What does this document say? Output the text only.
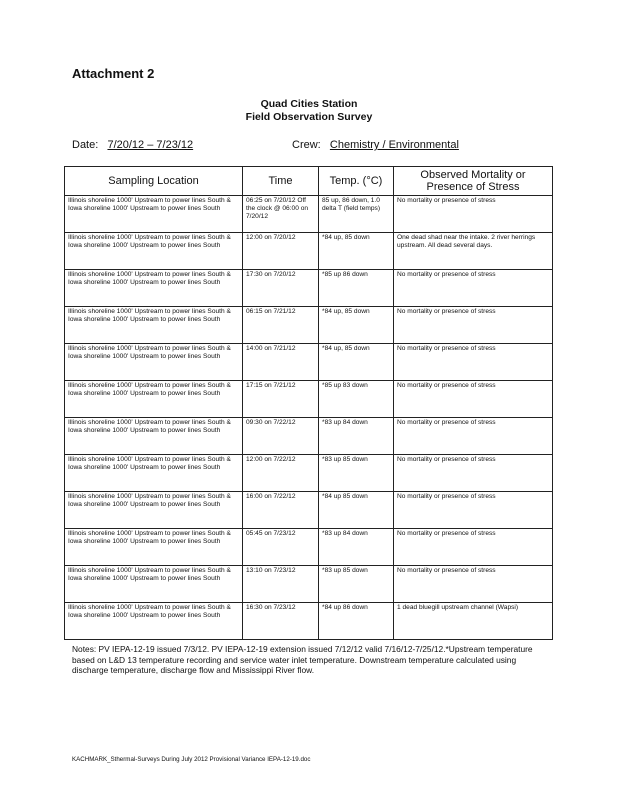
Attachment 2
Quad Cities Station
Field Observation Survey
Date: 7/20/12 – 7/23/12	Crew: Chemistry / Environmental
Sampling Location	Time	Temp. (°C)	Observed Mortality or Presence of Stress
Illinois shoreline 1000' Upstream to power lines South & Iowa shoreline 1000' Upstream to power lines South	06:25 on 7/20/12 Off the clock @ 06:00 on 7/20/12	85 up, 86 down, 1.0 delta T (field temps)	No mortality or presence of stress
Illinois shoreline 1000' Upstream to power lines South & Iowa shoreline 1000' Upstream to power lines South	12:00 on 7/20/12	*84 up, 85 down	One dead shad near the intake. 2 river herrings upstream. All dead several days.
Illinois shoreline 1000' Upstream to power lines South & Iowa shoreline 1000' Upstream to power lines South	17:30 on 7/20/12	*85 up 86 down	No mortality or presence of stress
Illinois shoreline 1000' Upstream to power lines South & Iowa shoreline 1000' Upstream to power lines South	06:15 on 7/21/12	*84 up, 85 down	No mortality or presence of stress
Illinois shoreline 1000' Upstream to power lines South & Iowa shoreline 1000' Upstream to power lines South	14:00 on 7/21/12	*84 up, 85 down	No mortality or presence of stress
Illinois shoreline 1000' Upstream to power lines South & Iowa shoreline 1000' Upstream to power lines South	17:15 on 7/21/12	*85 up 83 down	No mortality or presence of stress
Illinois shoreline 1000' Upstream to power lines South & Iowa shoreline 1000' Upstream to power lines South	09:30 on 7/22/12	*83 up 84 down	No mortality or presence of stress
Illinois shoreline 1000' Upstream to power lines South & Iowa shoreline 1000' Upstream to power lines South	12:00 on 7/22/12	*83 up 85 down	No mortality or presence of stress
Illinois shoreline 1000' Upstream to power lines South & Iowa shoreline 1000' Upstream to power lines South	16:00 on 7/22/12	*84 up 85 down	No mortality or presence of stress
Illinois shoreline 1000' Upstream to power lines South & Iowa shoreline 1000' Upstream to power lines South	05:45 on 7/23/12	*83 up 84 down	No mortality or presence of stress
Illinois shoreline 1000' Upstream to power lines South & Iowa shoreline 1000' Upstream to power lines South	13:10 on 7/23/12	*83 up 85 down	No mortality or presence of stress
Illinois shoreline 1000' Upstream to power lines South & Iowa shoreline 1000' Upstream to power lines South	16:30 on 7/23/12	*84 up 86 down	1 dead bluegill upstream channel (Wapsi)
Notes: PV IEPA-12-19 issued 7/3/12. PV IEPA-12-19 extension issued 7/12/12 valid 7/16/12-7/25/12.*Upstream temperature based on L&D 13 temperature recording and service water inlet temperature. Downstream temperature calculated using discharge temperature, discharge flow and Mississippi River flow.
KACHMARK_Sthermal-Surveys During July 2012 Provisional Variance IEPA-12-19.doc
